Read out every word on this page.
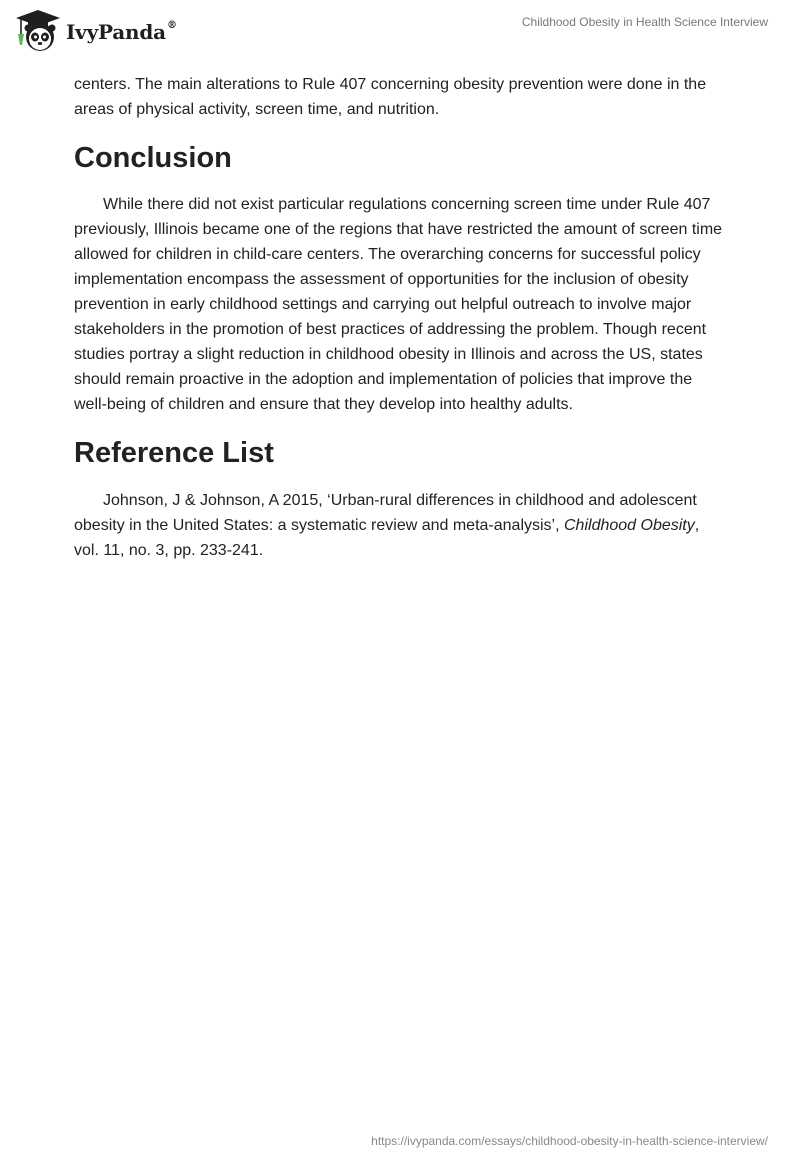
IvyPanda®	Childhood Obesity in Health Science Interview

centers. The main alterations to Rule 407 concerning obesity prevention were done in the areas of physical activity, screen time, and nutrition.

Conclusion

While there did not exist particular regulations concerning screen time under Rule 407 previously, Illinois became one of the regions that have restricted the amount of screen time allowed for children in child-care centers. The overarching concerns for successful policy implementation encompass the assessment of opportunities for the inclusion of obesity prevention in early childhood settings and carrying out helpful outreach to involve major stakeholders in the promotion of best practices of addressing the problem. Though recent studies portray a slight reduction in childhood obesity in Illinois and across the US, states should remain proactive in the adoption and implementation of policies that improve the well-being of children and ensure that they develop into healthy adults.

Reference List

Johnson, J & Johnson, A 2015, ‘Urban-rural differences in childhood and adolescent obesity in the United States: a systematic review and meta-analysis’, Childhood Obesity, vol. 11, no. 3, pp. 233-241.

https://ivypanda.com/essays/childhood-obesity-in-health-science-interview/
